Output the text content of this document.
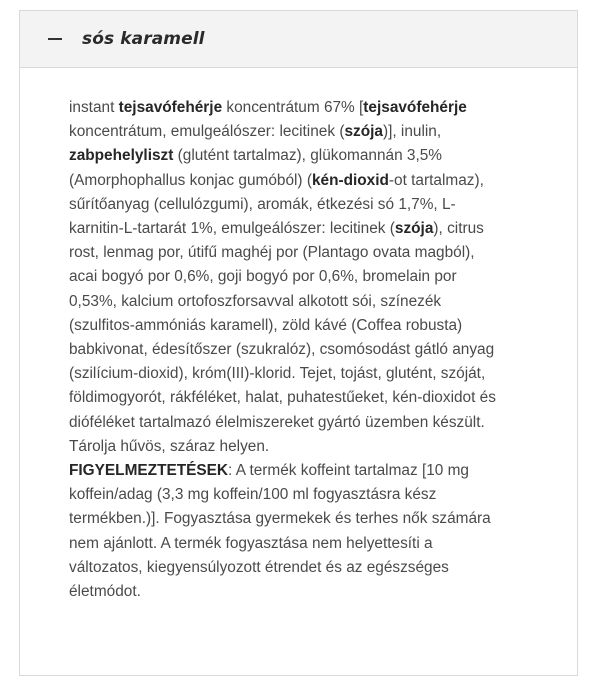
sós karamell

instant tejsavófehérje koncentrátum 67% [tejsavófehérje koncentrátum, emulgeálószer: lecitinek (szója)], inulin, zabpehelyliszt (glutént tartalmaz), glükomannán 3,5% (Amorphophallus konjac gumóból) (kén-dioxid-ot tartalmaz), sűrítőanyag (cellulózgumi), aromák, étkezési só 1,7%, L-karnitin-L-tartarát 1%, emulgeálószer: lecitinek (szója), citrus rost, lenmag por, útifű maghéj por (Plantago ovata magból), acai bogyó por 0,6%, goji bogyó por 0,6%, bromelain por 0,53%, kalcium ortofoszforsavval alkotott sói, színezék (szulfitos-ammóniás karamell), zöld kávé (Coffea robusta) babkivonat, édesítőszer (szukralóz), csomósodást gátló anyag (szilícium-dioxid), króm(III)-klorid. Tejet, tojást, glutént, szóját, földimogyorót, rákféléket, halat, puhatestűeket, kén-dioxidot és dióféléket tartalmazó élelmiszereket gyártó üzemben készült. Tárolja hűvös, száraz helyen.

FIGYELMEZTETÉSEK: A termék koffeint tartalmaz [10 mg koffein/adag (3,3 mg koffein/100 ml fogyasztásra kész termékben.)]. Fogyasztása gyermekek és terhes nők számára nem ajánlott. A termék fogyasztása nem helyettesíti a változatos, kiegyensúlyozott étrendet és az egészséges életmódot.
